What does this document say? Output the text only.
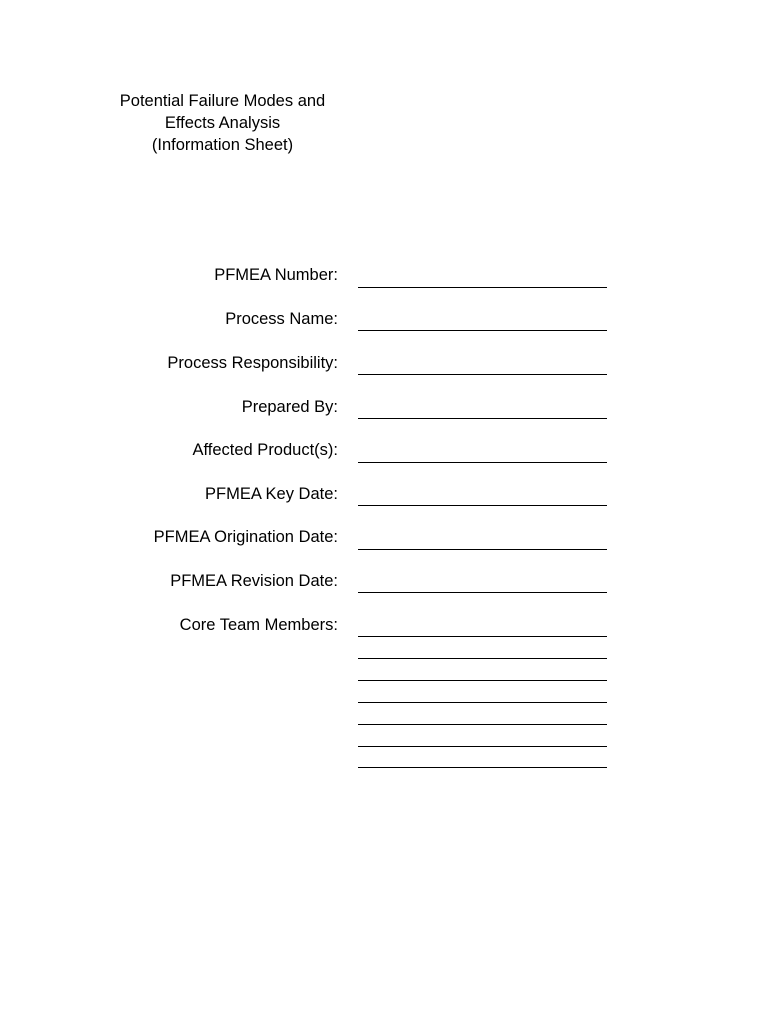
Potential Failure Modes and
Effects Analysis
(Information Sheet)
PFMEA Number:
Process Name:
Process Responsibility:
Prepared By:
Affected Product(s):
PFMEA Key Date:
PFMEA Origination Date:
PFMEA Revision Date:
Core Team Members:
